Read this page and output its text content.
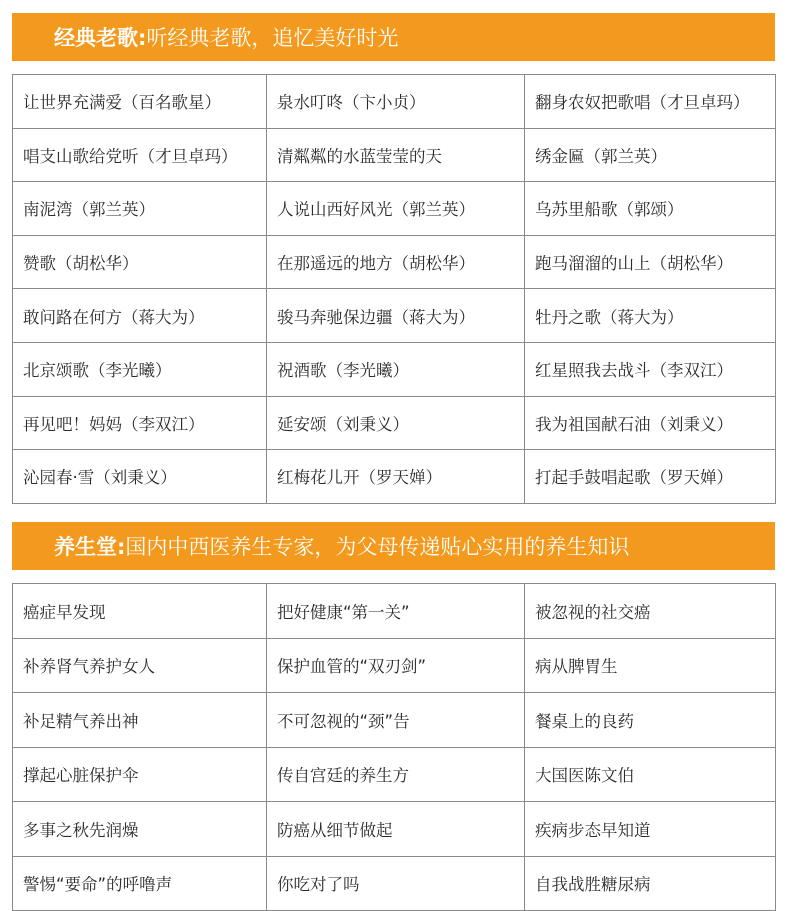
经典老歌: 听经典老歌，追忆美好时光
让世界充满爱（百名歌星）	泉水叮咚（卞小贞）	翻身农奴把歌唱（才旦卓玛）
唱支山歌给党听（才旦卓玛）	清粼粼的水蓝莹莹的天	绣金匾（郭兰英）
南泥湾（郭兰英）	人说山西好风光（郭兰英）	乌苏里船歌（郭颂）
赞歌（胡松华）	在那遥远的地方（胡松华）	跑马溜溜的山上（胡松华）
敢问路在何方（蒋大为）	骏马奔驰保边疆（蒋大为）	牡丹之歌（蒋大为）
北京颂歌（李光曦）	祝酒歌（李光曦）	红星照我去战斗（李双江）
再见吧！妈妈（李双江）	延安颂（刘秉义）	我为祖国献石油（刘秉义）
沁园春·雪（刘秉义）	红梅花儿开（罗天婵）	打起手鼓唱起歌（罗天婵）
养生堂: 国内中西医养生专家，为父母传递贴心实用的养生知识
癌症早发现	把好健康“第一关”	被忽视的社交癌
补养肾气养护女人	保护血管的“双刃剑”	病从脾胃生
补足精气养出神	不可忽视的“颈”告	餐桌上的良药
撑起心脏保护伞	传自宫廷的养生方	大国医陈文伯
多事之秋先润燥	防癌从细节做起	疾病步态早知道
警惕“要命”的呼噜声	你吃对了吗	自我战胜糖尿病
